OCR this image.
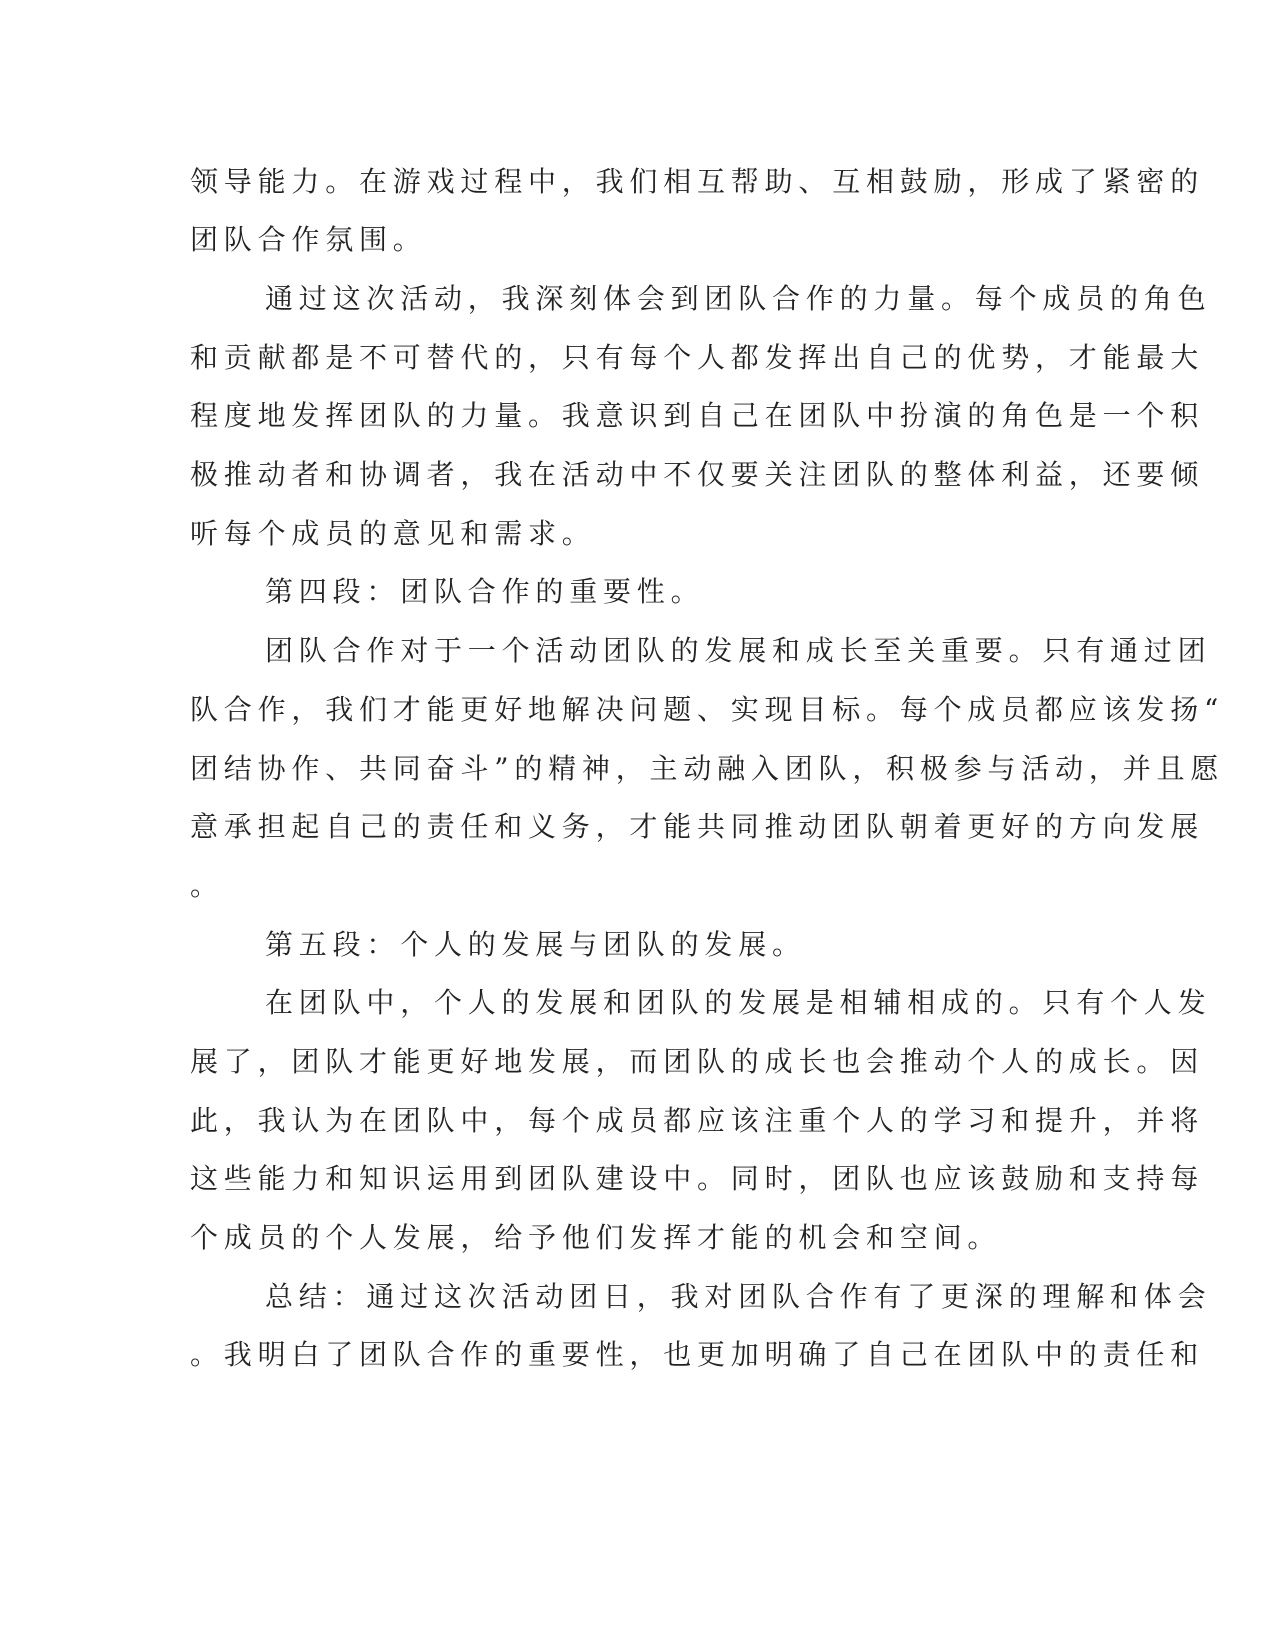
领导能力。在游戏过程中，我们相互帮助、互相鼓励，形成了紧密的
团队合作氛围。
通过这次活动，我深刻体会到团队合作的力量。每个成员的角色
和贡献都是不可替代的，只有每个人都发挥出自己的优势，才能最大
程度地发挥团队的力量。我意识到自己在团队中扮演的角色是一个积
极推动者和协调者，我在活动中不仅要关注团队的整体利益，还要倾
听每个成员的意见和需求。
第四段：团队合作的重要性。
团队合作对于一个活动团队的发展和成长至关重要。只有通过团
队合作，我们才能更好地解决问题、实现目标。每个成员都应该发扬“
团结协作、共同奋斗”的精神，主动融入团队，积极参与活动，并且愿
意承担起自己的责任和义务，才能共同推动团队朝着更好的方向发展
。
第五段：个人的发展与团队的发展。
在团队中，个人的发展和团队的发展是相辅相成的。只有个人发
展了，团队才能更好地发展，而团队的成长也会推动个人的成长。因
此，我认为在团队中，每个成员都应该注重个人的学习和提升，并将
这些能力和知识运用到团队建设中。同时，团队也应该鼓励和支持每
个成员的个人发展，给予他们发挥才能的机会和空间。
总结：通过这次活动团日，我对团队合作有了更深的理解和体会
。我明白了团队合作的重要性，也更加明确了自己在团队中的责任和
